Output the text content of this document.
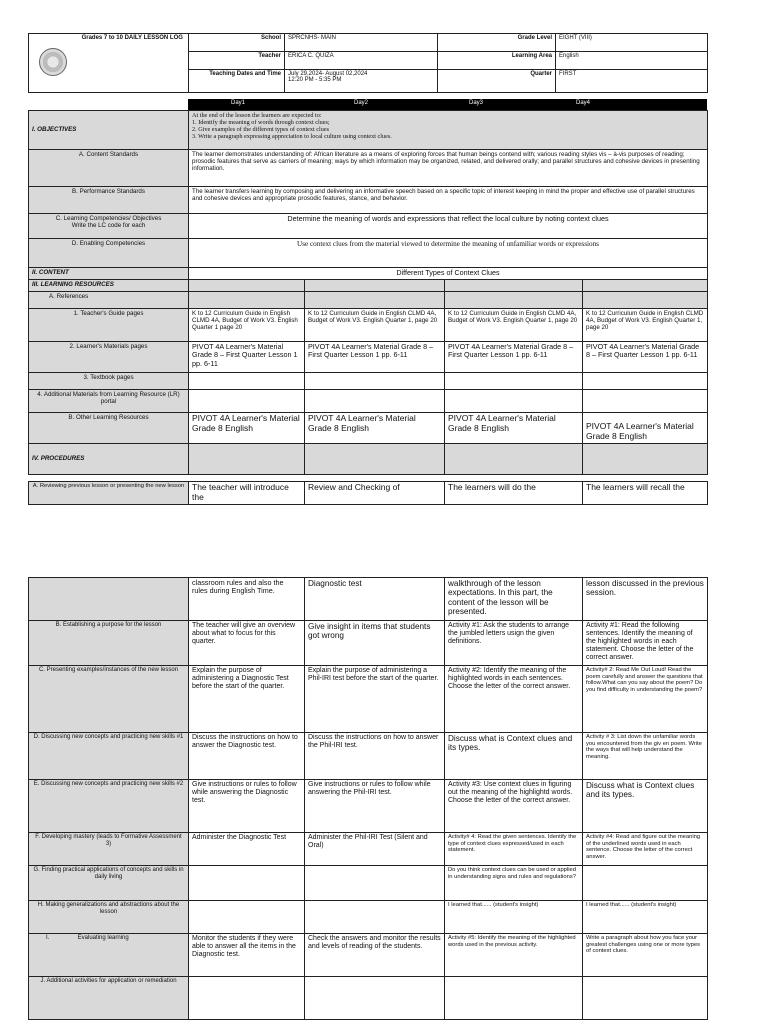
	Grades 7 to 10 DAILY LESSON LOG	School	SPRCNHS- MAIN	Grade Level	EIGHT (VIII)
		Teacher	ERICA C. QUIZA	Learning Area	English
		Teaching Dates and Time	July 29,2024- August 02,2024
12:20 PM - 5:35 PM	Quarter	FIRST
Day1	Day2	Day3	Day4
I. OBJECTIVES	At the end of the lesson the learners are expected to:
1. Identify the meaning of words through context clues;
2. Give examples of the different types of context clues
3. Write a paragraph expressing appreciation to local culture using context clues.			

A. Content Standards	The learner demonstrates understanding of: African literature as a means of exploring forces that human beings contend with; various reading styles vis – à-vis purposes of reading; prosodic features that serve as carriers of meaning; ways by which information may be organized, related, and delivered orally; and parallel structures and cohesive devices in presenting information.			
B. Performance Standards	The learner transfers learning by composing and delivering an informative speech based on a specific topic of interest keeping in mind the proper and effective use of parallel structures and cohesive devices and appropriate prosodic features, stance, and behavior.			

C. Learning Competencies/ Objectives
Write the LC code for each	Determine the meaning of words and expressions that reflect the local culture by noting context clues			
D. Enabling Competencies	Use context clues from the material viewed to determine the meaning of unfamiliar words or expressions			
II. CONTENT	Different Types of Context Clues			
III. LEARNING RESOURCES				
A. References				
1. Teacher's Guide pages	K to 12 Curriculum Guide in English CLMD 4A, Budget of Work V3. English Quarter 1 page 20	K to 12 Curriculum Guide in English CLMD 4A, Budget of Work V3. English Quarter 1, page 20	K to 12 Curriculum Guide in English CLMD 4A, Budget of Work V3. English Quarter 1, page 20	K to 12 Curriculum Guide in English CLMD 4A, Budget of Work V3. English Quarter 1, page 20
2. Learner's Materials pages	PIVOT 4A Learner's Material Grade 8 – First Quarter Lesson 1 pp. 6-11	PIVOT 4A Learner's Material Grade 8 – First Quarter Lesson 1 pp. 6-11	PIVOT 4A Learner's Material Grade 8 – First Quarter Lesson 1 pp. 6-11	PIVOT 4A Learner's Material Grade 8 – First Quarter Lesson 1 pp. 6-11
3. Textbook pages				
4. Additional Materials from Learning Resource (LR) portal				
B. Other Learning Resources	PIVOT 4A Learner's Material Grade 8 English	PIVOT 4A Learner's Material Grade 8 English	PIVOT 4A Learner's Material Grade 8 English	PIVOT 4A Learner's Material Grade 8 English
IV. PROCEDURES				

A. Reviewing previous lesson or presenting the new lesson	The teacher will introduce the	Review and Checking of	The learners will do the	The learners will recall the
	classroom rules and also the rules during English Time.	Diagnostic test	walkthrough of the lesson expectations. In this part, the content of the lesson will be presented.	lesson discussed in the previous session.
B. Establishing a purpose for the lesson	The teacher will give an overview about what to focus for this quarter.	Give insight in items that students got wrong	Activity #1: Ask the students to arrange the jumbled letters usign the given definitions.	Activity #1: Read the following sentences. Identify the meaning of the highlighted words in each statement. Choose the letter of the correct answer.
C. Presenting examples/instances of the new lesson	Explain the purpose of administering a Diagnostic Test before the start of the quarter.	Explain the purpose of administering a Phil-IRI test before the start of the quarter.	Activity #2: Identify the meaning of the highlighted words in each sentences. Choose the letter of the correct answer.	Activity# 2: Read Me Out Loud! Read the poem carefully and answer the questions that follow.What can you say about the poem? Do you find difficulty in understanding the poem?
D. Discussing new concepts and practicing new skills #1	Discuss the instructions on how to answer the Diagnostic test.	Discuss the instructions on how to answer the Phil-IRI test.	Discuss what is Context clues and its types.	Activity # 3: List down the unfamiliar words you encountered from the giv en poem. Write the ways that will help understand the meaning.
E. Discussing new concepts and practicing new skills #2	Give instructions or rules to follow while answering the Diagnostic test.	Give instructions or rules to follow while answering the Phil-IRI test.	Activity #3: Use context clues in figuring out the meaning of the highlightd words. Choose the letter of the correct answer.	Discuss what is Context clues and its types.
F. Developing mastery (leads to Formative Assessment 3)	Administer the Diagnostic Test	Administer the Phil-IRI Test (Silent and Oral)	Activity# 4: Read the given sentences. Identify the type of context clues expressed/used in each statement.	Activity #4: Read and figure out the meaning of the underlined words used in each sentence. Choose the letter of the correct answer.
G. Finding practical applications of concepts and skills in daily living			Do you think context clues can be used or applied in understanding signs and rules and regulations?	
H. Making generalizations and abstractions about the lesson			I learned that...... (student's insight)	I learned that...... (student's insight)
I. Evaluating learning	Monitor the students if they were able to answer all the items in the Diagnostic test.	Check the answers and monitor the results and levels of reading of the students.	Activity #5: Identify the meaning of the highlighted words used in the previous activity.	Write a paragraph about how you face your greatest challenges using one or more types of context clues.
J. Additional activities for application or remediation				
